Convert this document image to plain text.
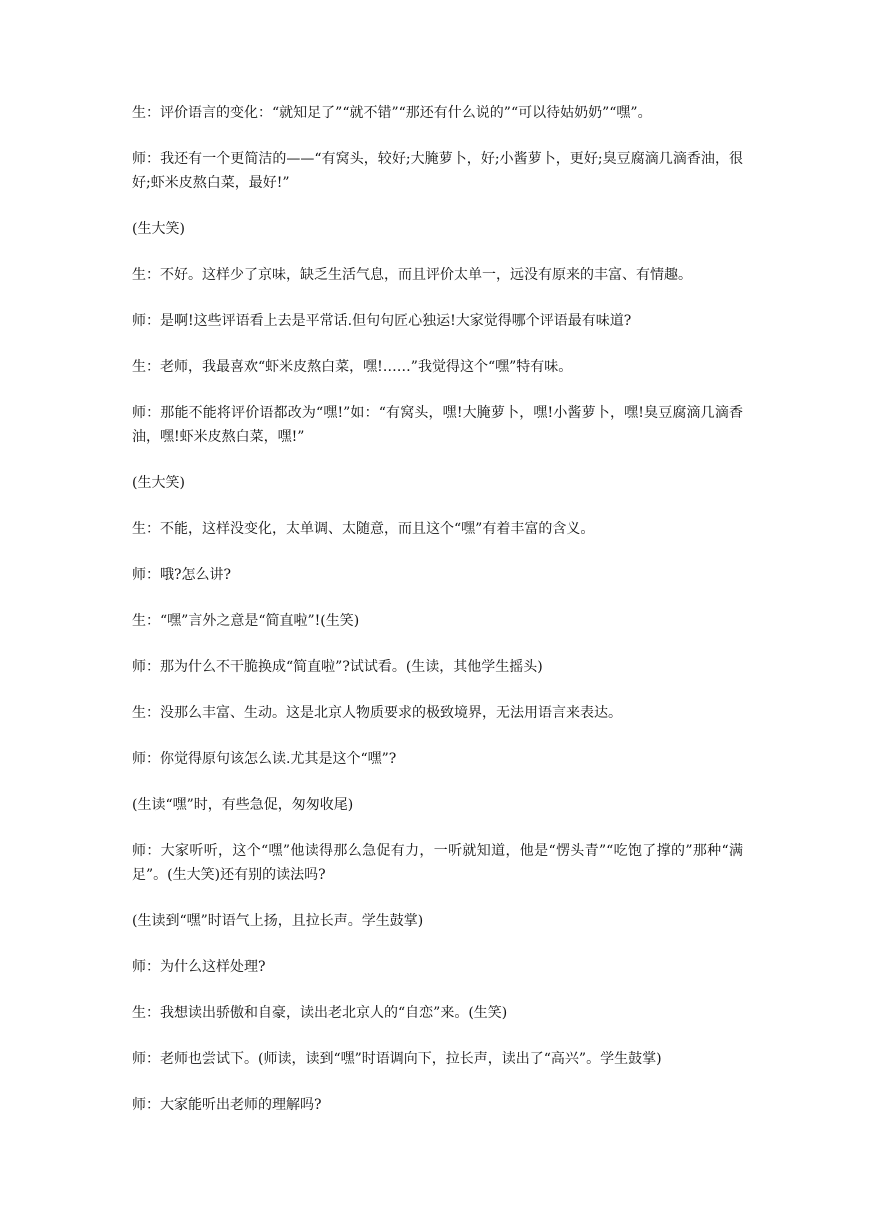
生：评价语言的变化：“就知足了”“就不错”“那还有什么说的”“可以待姑奶奶”“嘿”。

师：我还有一个更简洁的——“有窝头，较好;大腌萝卜，好;小酱萝卜，更好;臭豆腐滴几滴香油，很好;虾米皮熬白菜，最好!”

(生大笑)

生：不好。这样少了京味，缺乏生活气息，而且评价太单一，远没有原来的丰富、有情趣。

师：是啊!这些评语看上去是平常话.但句句匠心独运!大家觉得哪个评语最有味道?

生：老师，我最喜欢“虾米皮熬白菜，嘿!……”我觉得这个“嘿”特有味。

师：那能不能将评价语都改为“嘿!”如：“有窝头，嘿!大腌萝卜，嘿!小酱萝卜，嘿!臭豆腐滴几滴香油，嘿!虾米皮熬白菜，嘿!”

(生大笑)

生：不能，这样没变化，太单调、太随意，而且这个“嘿”有着丰富的含义。

师：哦?怎么讲?

生：“嘿”言外之意是“简直啦”!(生笑)

师：那为什么不干脆换成“简直啦”?试试看。(生读，其他学生摇头)

生：没那么丰富、生动。这是北京人物质要求的极致境界，无法用语言来表达。

师：你觉得原句该怎么读.尤其是这个“嘿”?

(生读“嘿”时，有些急促，匆匆收尾)

师：大家听听，这个“嘿”他读得那么急促有力，一听就知道，他是“愣头青”“吃饱了撑的”那种“满足”。(生大笑)还有别的读法吗?

(生读到“嘿”时语气上扬，且拉长声。学生鼓掌)

师：为什么这样处理?

生：我想读出骄傲和自豪，读出老北京人的“自恋”来。(生笑)

师：老师也尝试下。(师读，读到“嘿”时语调向下，拉长声，读出了“高兴”。学生鼓掌)

师：大家能听出老师的理解吗?
